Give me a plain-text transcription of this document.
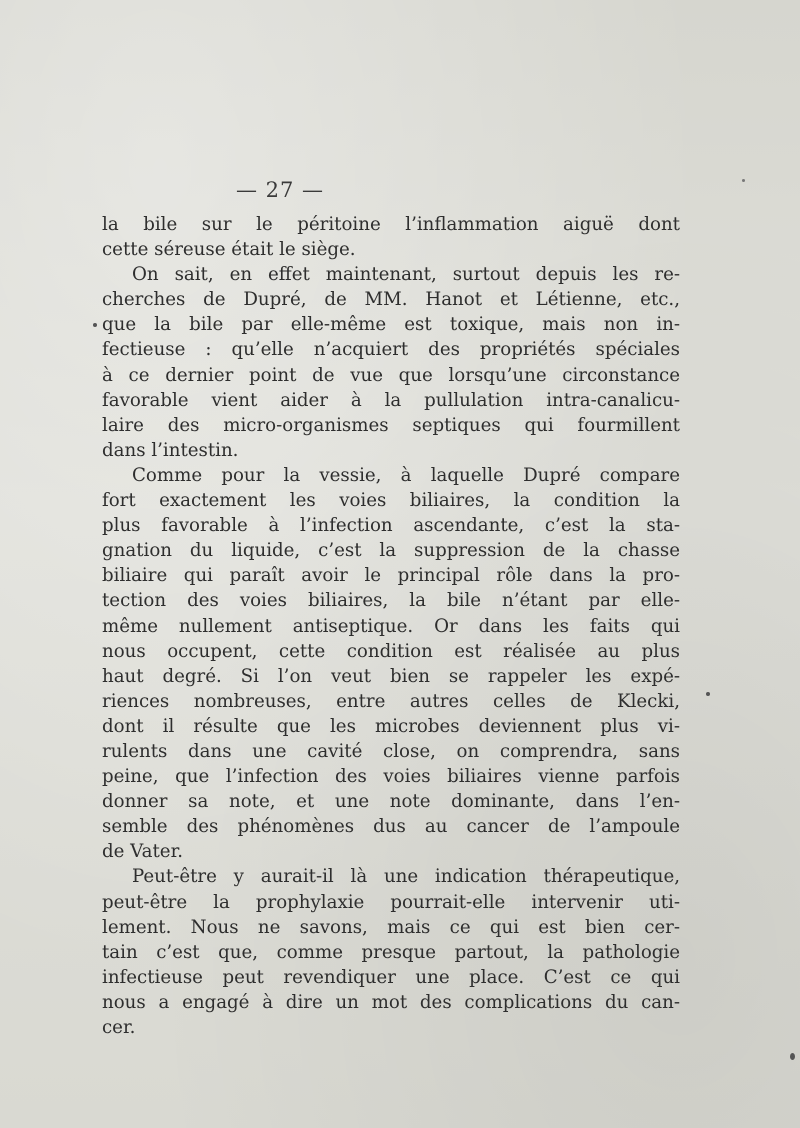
— 27 —
la bile sur le péritoine l’inflammation aiguë dont
cette séreuse était le siège.
On sait, en effet maintenant, surtout depuis les re-
cherches de Dupré, de MM. Hanot et Létienne, etc.,
que la bile par elle-même est toxique, mais non in-
fectieuse : qu’elle n’acquiert des propriétés spéciales
à ce dernier point de vue que lorsqu’une circonstance
favorable vient aider à la pullulation intra-canalicu-
laire des micro-organismes septiques qui fourmillent
dans l’intestin.
Comme pour la vessie, à laquelle Dupré compare
fort exactement les voies biliaires, la condition la
plus favorable à l’infection ascendante, c’est la sta-
gnation du liquide, c’est la suppression de la chasse
biliaire qui paraît avoir le principal rôle dans la pro-
tection des voies biliaires, la bile n’étant par elle-
même nullement antiseptique. Or dans les faits qui
nous occupent, cette condition est réalisée au plus
haut degré. Si l’on veut bien se rappeler les expé-
riences nombreuses, entre autres celles de Klecki,
dont il résulte que les microbes deviennent plus vi-
rulents dans une cavité close, on comprendra, sans
peine, que l’infection des voies biliaires vienne parfois
donner sa note, et une note dominante, dans l’en-
semble des phénomènes dus au cancer de l’ampoule
de Vater.
Peut-être y aurait-il là une indication thérapeutique,
peut-être la prophylaxie pourrait-elle intervenir uti-
lement. Nous ne savons, mais ce qui est bien cer-
tain c’est que, comme presque partout, la pathologie
infectieuse peut revendiquer une place. C’est ce qui
nous a engagé à dire un mot des complications du can-
cer.
